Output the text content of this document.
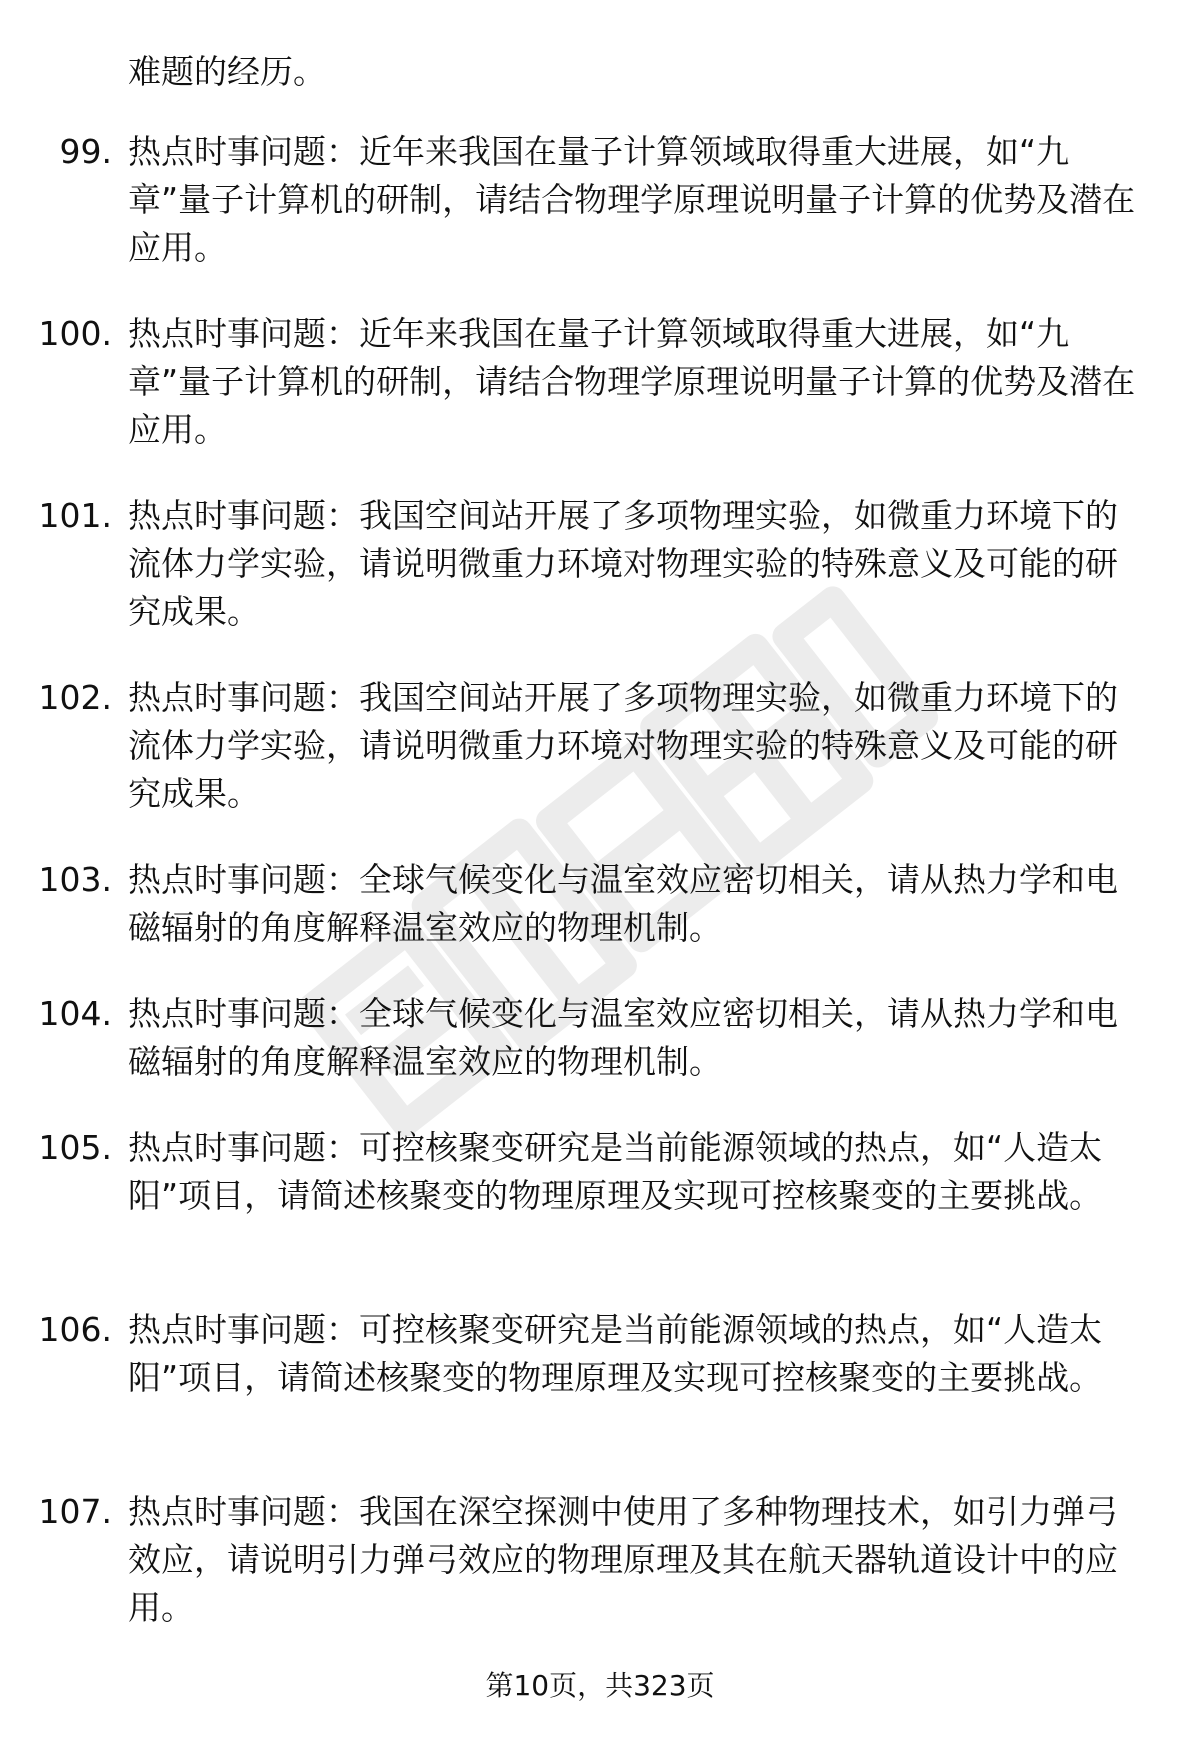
难题的经历。
99. 热点时事问题：近年来我国在量子计算领域取得重大进展，如“九章”量子计算机的研制，请结合物理学原理说明量子计算的优势及潜在应用。
100. 热点时事问题：近年来我国在量子计算领域取得重大进展，如“九章”量子计算机的研制，请结合物理学原理说明量子计算的优势及潜在应用。
101. 热点时事问题：我国空间站开展了多项物理实验，如微重力环境下的流体力学实验，请说明微重力环境对物理实验的特殊意义及可能的研究成果。
102. 热点时事问题：我国空间站开展了多项物理实验，如微重力环境下的流体力学实验，请说明微重力环境对物理实验的特殊意义及可能的研究成果。
103. 热点时事问题：全球气候变化与温室效应密切相关，请从热力学和电磁辐射的角度解释温室效应的物理机制。
104. 热点时事问题：全球气候变化与温室效应密切相关，请从热力学和电磁辐射的角度解释温室效应的物理机制。
105. 热点时事问题：可控核聚变研究是当前能源领域的热点，如“人造太阳”项目，请简述核聚变的物理原理及实现可控核聚变的主要挑战。
106. 热点时事问题：可控核聚变研究是当前能源领域的热点，如“人造太阳”项目，请简述核聚变的物理原理及实现可控核聚变的主要挑战。
107. 热点时事问题：我国在深空探测中使用了多种物理技术，如引力弹弓效应，请说明引力弹弓效应的物理原理及其在航天器轨道设计中的应用。
第10页，共323页
